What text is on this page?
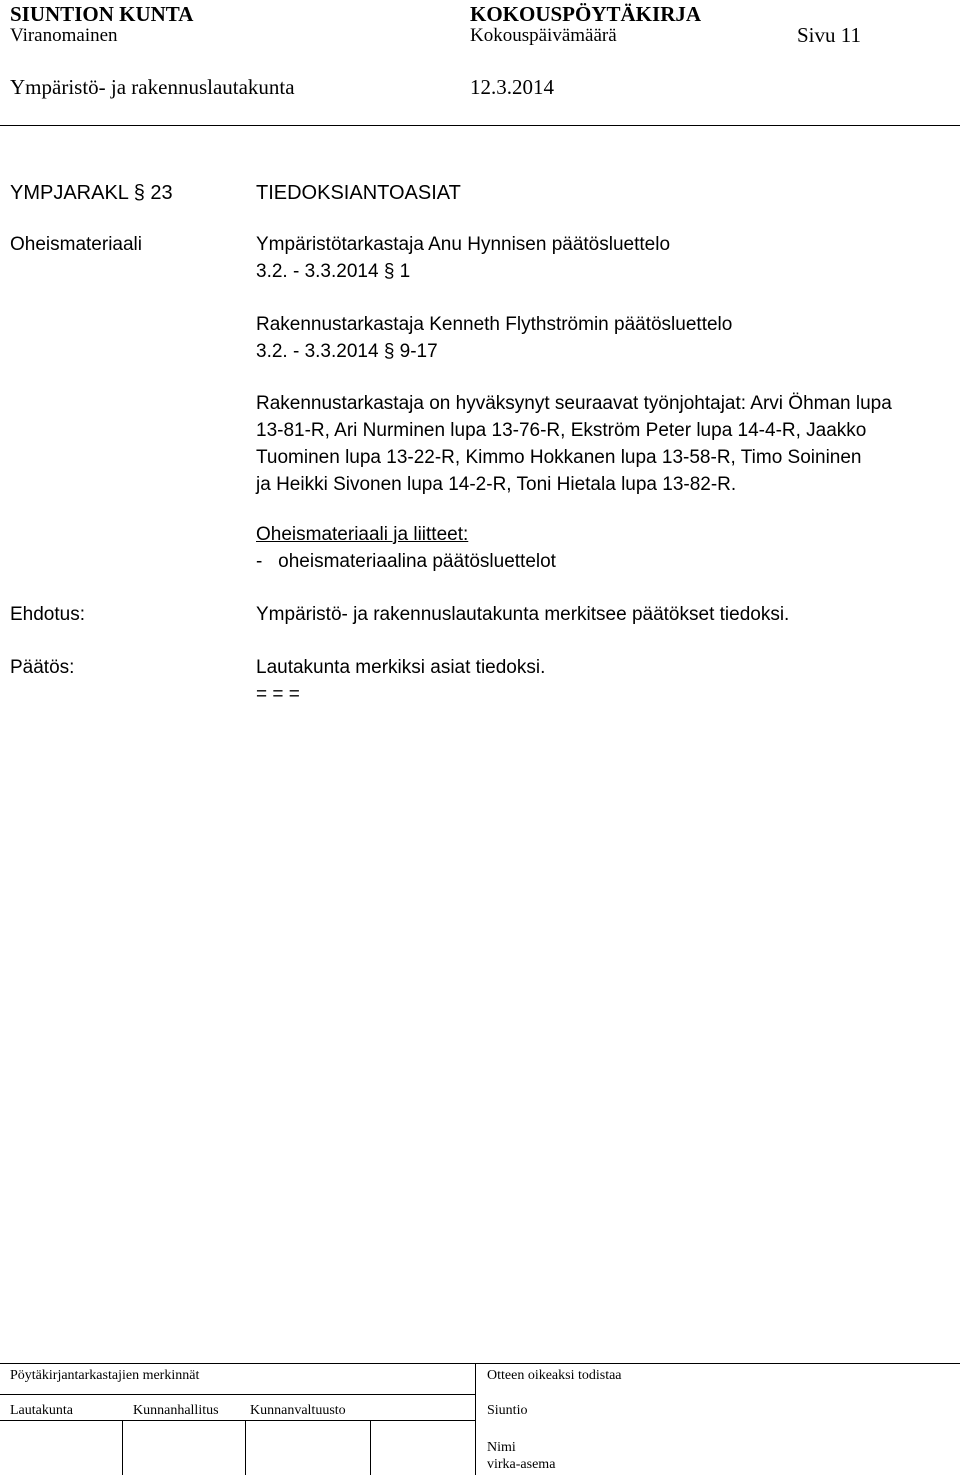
SIUNTION KUNTA	KOKOUSPÖYTÄKIRJA
Viranomainen	Kokouspäivämäärä	Sivu 11
Ympäristö- ja rakennuslautakunta	12.3.2014
YMPJARAKL § 23	TIEDOKSIANTOASIAT
Oheismateriaali	Ympäristötarkastaja Anu Hynnisen päätösluettelo
3.2. - 3.3.2014 § 1
Rakennustarkastaja Kenneth Flythströmin päätösluettelo
3.2. - 3.3.2014 § 9-17
Rakennustarkastaja on hyväksynyt seuraavat työnjohtajat: Arvi Öhman lupa
13-81-R, Ari Nurminen lupa 13-76-R, Ekström Peter lupa 14-4-R, Jaakko
Tuominen lupa 13-22-R, Kimmo Hokkanen lupa 13-58-R, Timo Soininen
ja Heikki Sivonen lupa 14-2-R, Toni Hietala lupa 13-82-R.
Oheismateriaali ja liitteet:
-   oheismateriaalina päätösluettelot
Ehdotus:	Ympäristö- ja rakennuslautakunta merkitsee päätökset tiedoksi.
Päätös:	Lautakunta merkiksi asiat tiedoksi.
= = =
Pöytäkirjantarkastajien merkinnät	Otteen oikeaksi todistaa
Lautakunta	Kunnanhallitus Kunnanvaltuusto	Siuntio
Nimi
virka-asema
